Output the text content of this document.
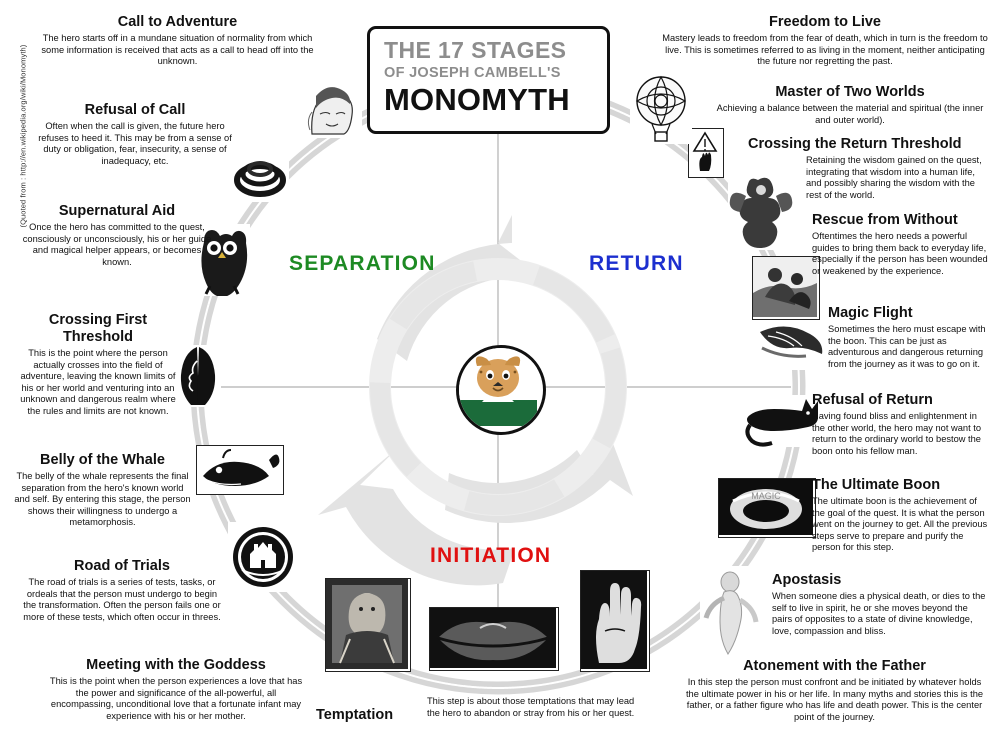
(Quoted from : http://en.wikipedia.org/wiki/Monomyth)	THE 17 STAGES
OF JOSEPH CAMBELL'S
MONOMYTH
SEPARATION	RETURN
INITIATION
MAGIC
Call to Adventure
The hero starts off in a mundane situation of normality from which some information is received that acts as a call to head off into the unknown.
Refusal of Call
Often when the call is given, the future hero refuses to heed it. This may be from a sense of duty or obligation, fear, insecurity, a sense of inadequacy, etc.
Supernatural Aid
Once the hero has committed to the quest, consciously or unconsciously, his or her guide and magical helper appears, or becomes known.
Crossing First Threshold
This is the point where the person actually crosses into the field of adventure, leaving the known limits of his or her world and venturing into an unknown and dangerous realm where the rules and limits are not known.
Belly of the Whale
The belly of the whale represents the final separation from the hero's known world and self. By entering this stage, the person shows their willingness to undergo a metamorphosis.
Road of Trials
The road of trials is a series of tests, tasks, or ordeals that the person must undergo to begin the transformation. Often the person fails one or more of these tests, which often occur in threes.
Meeting with the Goddess
This is the point when the person experiences a love that has the power and significance of the all-powerful, all encompassing, unconditional love that a fortunate infant may experience with his or her mother.	Temptation
This step is about those temptations that may lead the hero to abandon or stray from his or her quest.
Atonement with the Father
In this step the person must confront and be initiated by whatever holds the ultimate power in his or her life. In many myths and stories this is the father, or a father figure who has life and death power. This is the center point of the journey.
Apostasis
When someone dies a physical death, or dies to the self to live in spirit, he or she moves beyond the pairs of opposites to a state of divine knowledge, love, compassion and bliss.
The Ultimate Boon
The ultimate boon is the achievement of the goal of the quest. It is what the person went on the journey to get. All the previous steps serve to prepare and purify the person for this step.
Refusal of Return
Having found bliss and enlightenment in the other world, the hero may not want to return to the ordinary world to bestow the boon onto his fellow man.
Magic Flight
Sometimes the hero must escape with the boon. This can be just as adventurous and dangerous returning from the journey as it was to go on it.
Rescue from Without
Oftentimes the hero needs a powerful guides to bring them back to everyday life, especially if the person has been wounded or weakened by the experience.
Crossing the Return Threshold
Retaining the wisdom gained on the quest, integrating that wisdom into a human life, and possibly sharing the wisdom with the rest of the world.
Master of Two Worlds
Achieving a balance between the material and spiritual (the inner and outer world).
Freedom to Live
Mastery leads to freedom from the fear of death, which in turn is the freedom to live. This is sometimes referred to as living in the moment, neither anticipating the future nor regretting the past.
